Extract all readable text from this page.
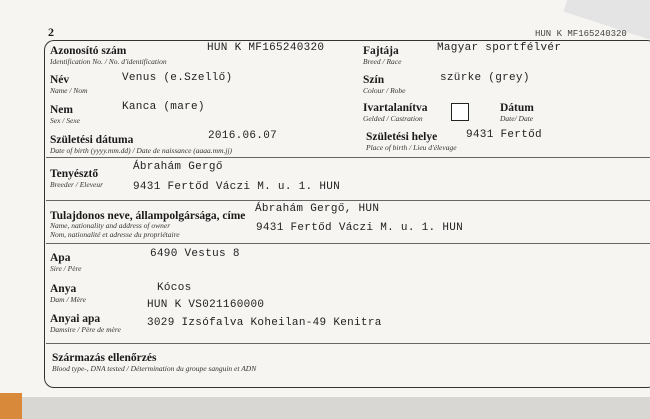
2	HUN K MF165240320
Azonosító szám
Identification No. / No. d'identification
HUN K MF165240320	Fajtája
Breed / Race
Magyar sportfélvér
Név
Name / Nom
Venus (e.Szellő)	Szín
Colour / Robe
szürke (grey)
Nem
Sex / Sexe
Kanca (mare)	Ivartalanítva
Gelded / Castration
Dátum
Date/ Date
Születési dátuma
Date of birth (yyyy.mm.dd) / Date de naissance (aaaa.mm.jj)
2016.06.07	Születési helye
Place of birth / Lieu d'élevage
9431 Fertőd
Tenyésztő
Breeder / Eleveur
Ábrahám Gergő
9431 Fertőd Váczi M. u. 1. HUN
Tulajdonos neve, állampolgársága, címe
Name, nationality and address of owner
Nom, nationalité et adresse du propriétaire
Ábrahám Gergő, HUN
9431 Fertőd Váczi M. u. 1. HUN
Apa
Sire / Père
6490 Vestus 8
Anya
Dam / Mère
Kócos
HUN K VS021160000
Anyai apa
Damsire / Père de mère
3029 Izsófalva Koheilan-49 Kenitra
Származás ellenőrzés
Blood type-, DNA tested / Détermination du groupe sanguin et ADN
